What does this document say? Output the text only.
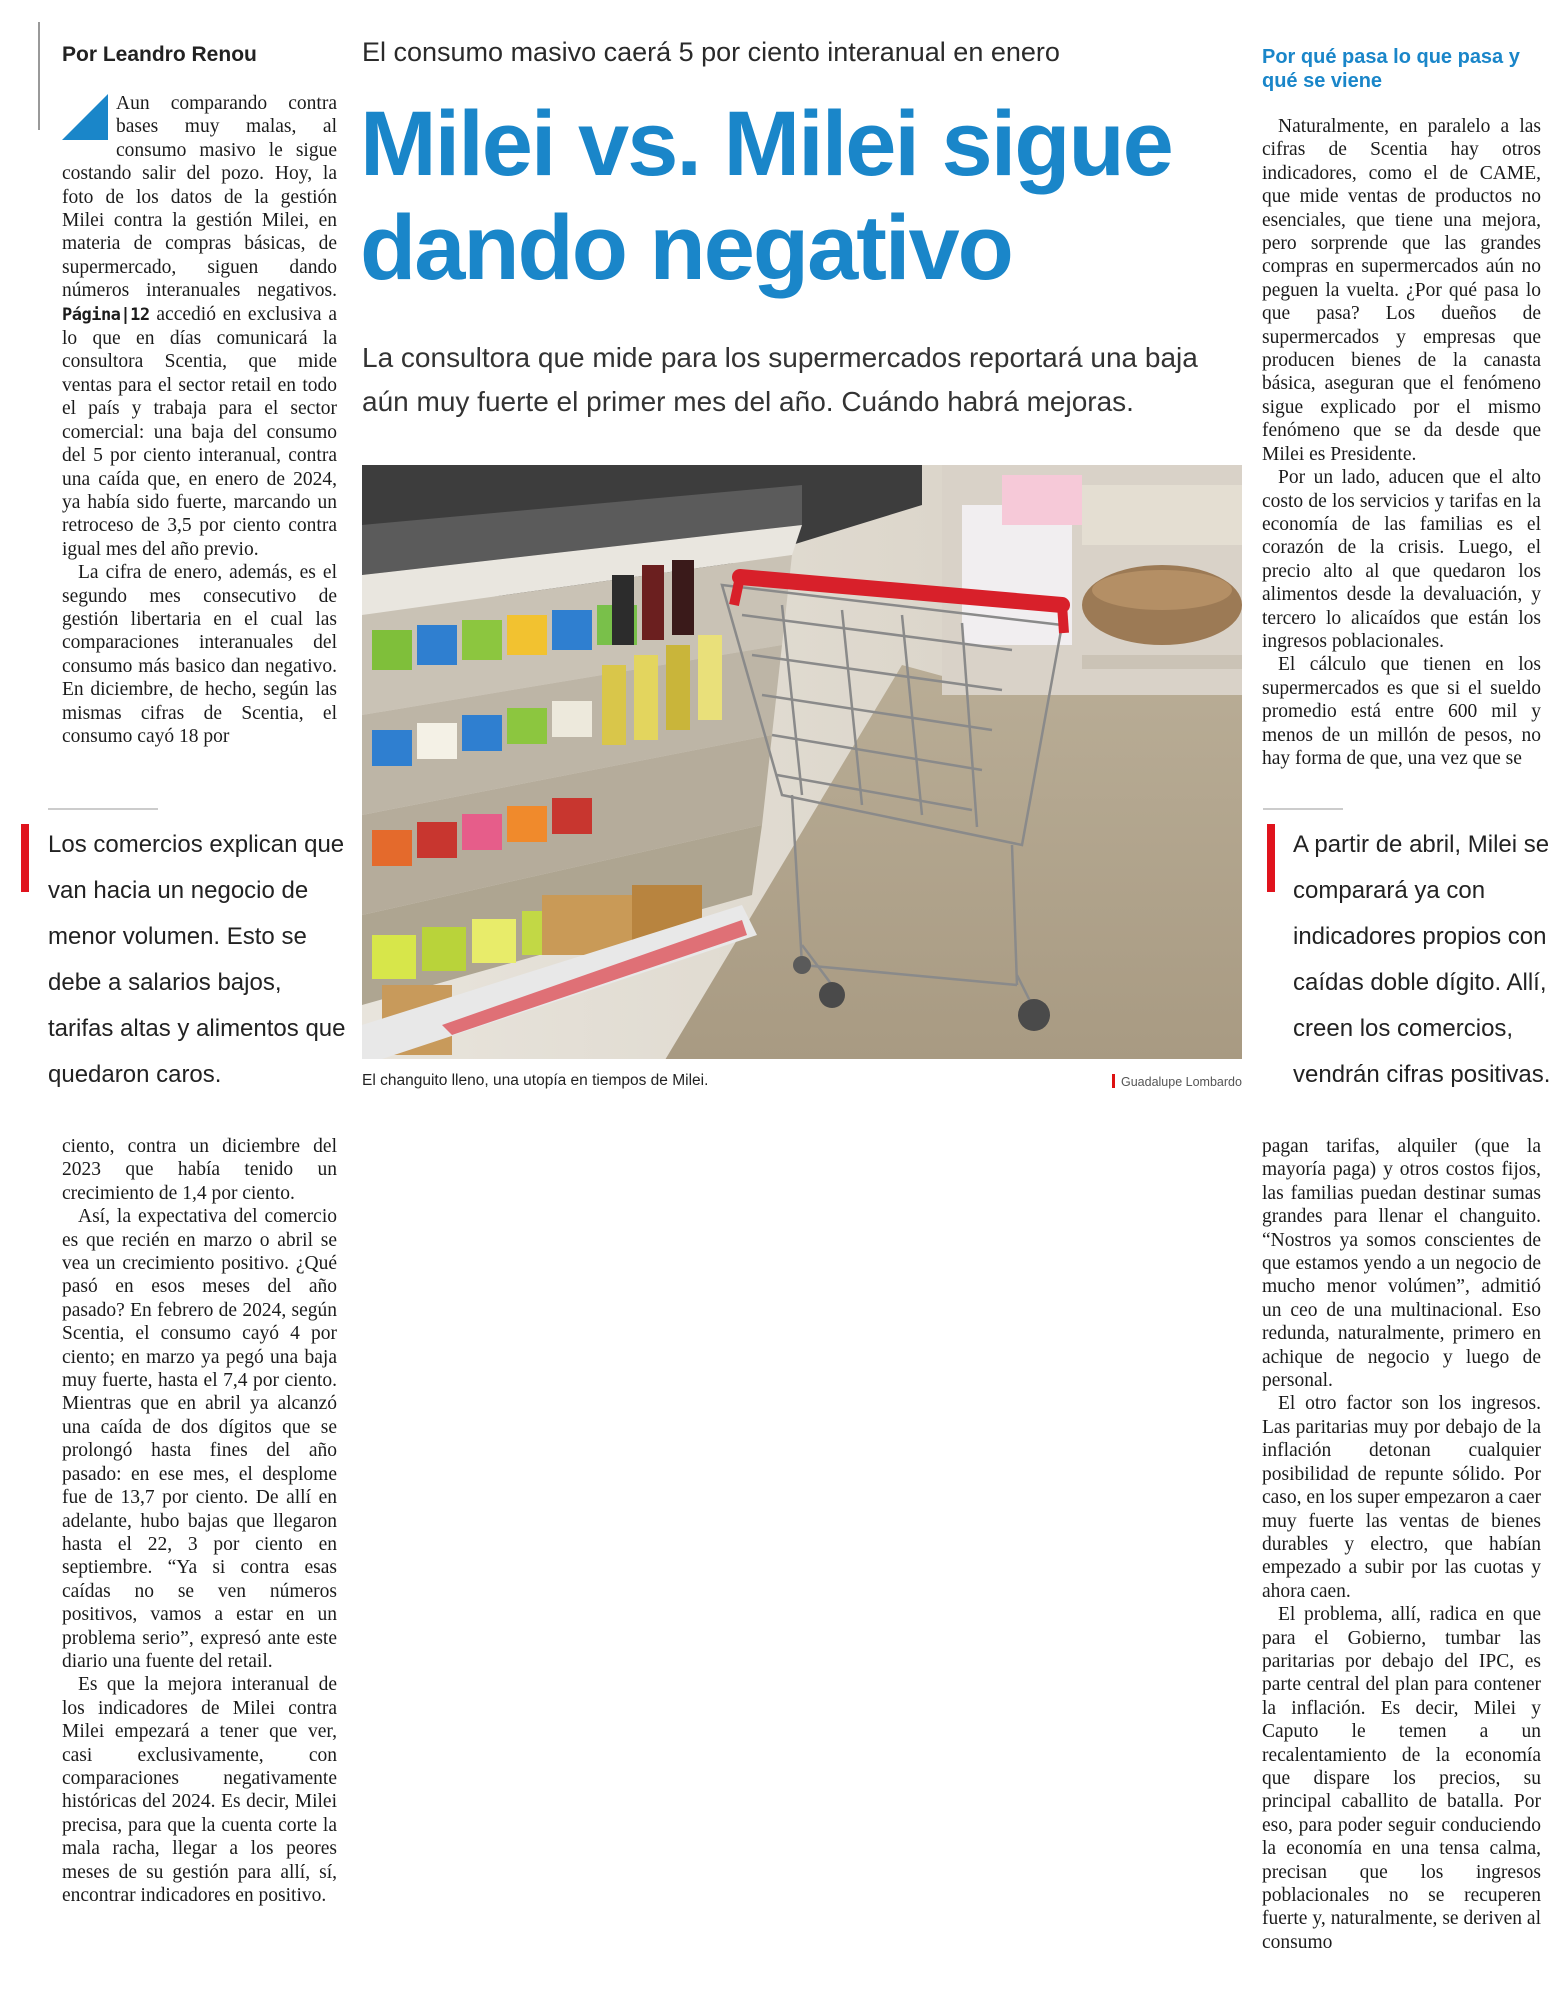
Por Leandro Renou

Aun comparando contra bases muy malas, al consumo masivo le sigue costando salir del pozo. Hoy, la foto de los datos de la gestión Milei contra la gestión Milei, en materia de compras básicas, de supermercado, siguen dando números interanuales negativos. Página|12 accedió en exclusiva a lo que en días comunicará la consultora Scentia, que mide ventas para el sector retail en todo el país y trabaja para el sector comercial: una baja del consumo del 5 por ciento interanual, contra una caída que, en enero de 2024, ya había sido fuerte, marcando un retroceso de 3,5 por ciento contra igual mes del año previo.

La cifra de enero, además, es el segundo mes consecutivo de gestión libertaria en el cual las comparaciones interanuales del consumo más basico dan negativo. En diciembre, de hecho, según las mismas cifras de Scentia, el consumo cayó 18 por

Los comercios explican que van hacia un negocio de menor volumen. Esto se debe a salarios bajos, tarifas altas y alimentos que quedaron caros.

ciento, contra un diciembre del 2023 que había tenido un crecimiento de 1,4 por ciento.

Así, la expectativa del comercio es que recién en marzo o abril se vea un crecimiento positivo. ¿Qué pasó en esos meses del año pasado? En febrero de 2024, según Scentia, el consumo cayó 4 por ciento; en marzo ya pegó una baja muy fuerte, hasta el 7,4 por ciento. Mientras que en abril ya alcanzó una caída de dos dígitos que se prolongó hasta fines del año pasado: en ese mes, el desplome fue de 13,7 por ciento. De allí en adelante, hubo bajas que llegaron hasta el 22, 3 por ciento en septiembre. “Ya si contra esas caídas no se ven números positivos, vamos a estar en un problema serio”, expresó ante este diario una fuente del retail.

Es que la mejora interanual de los indicadores de Milei contra Milei empezará a tener que ver, casi exclusivamente, con comparaciones negativamente históricas del 2024. Es decir, Milei precisa, para que la cuenta corte la mala racha, llegar a los peores meses de su gestión para allí, sí, encontrar indicadores en positivo.

El consumo masivo caerá 5 por ciento interanual en enero
Milei vs. Milei sigue dando negativo
La consultora que mide para los supermercados reportará una baja aún muy fuerte el primer mes del año. Cuándo habrá mejoras.
El changuito lleno, una utopía en tiempos de Milei.	Guadalupe Lombardo
Por qué pasa lo que pasa y qué se viene

Naturalmente, en paralelo a las cifras de Scentia hay otros indicadores, como el de CAME, que mide ventas de productos no esenciales, que tiene una mejora, pero sorprende que las grandes compras en supermercados aún no peguen la vuelta. ¿Por qué pasa lo que pasa? Los dueños de supermercados y empresas que producen bienes de la canasta básica, aseguran que el fenómeno sigue explicado por el mismo fenómeno que se da desde que Milei es Presidente.

Por un lado, aducen que el alto costo de los servicios y tarifas en la economía de las familias es el corazón de la crisis. Luego, el precio alto al que quedaron los alimentos desde la devaluación, y tercero lo alicaídos que están los ingresos poblacionales.

El cálculo que tienen en los supermercados es que si el sueldo promedio está entre 600 mil y menos de un millón de pesos, no hay forma de que, una vez que se

A partir de abril, Milei se comparará ya con indicadores propios con caídas doble dígito. Allí, creen los comercios, vendrán cifras positivas.

pagan tarifas, alquiler (que la mayoría paga) y otros costos fijos, las familias puedan destinar sumas grandes para llenar el changuito. “Nostros ya somos conscientes de que estamos yendo a un negocio de mucho menor volúmen”, admitió un ceo de una multinacional. Eso redunda, naturalmente, primero en achique de negocio y luego de personal.

El otro factor son los ingresos. Las paritarias muy por debajo de la inflación detonan cualquier posibilidad de repunte sólido. Por caso, en los super empezaron a caer muy fuerte las ventas de bienes durables y electro, que habían empezado a subir por las cuotas y ahora caen.

El problema, allí, radica en que para el Gobierno, tumbar las paritarias por debajo del IPC, es parte central del plan para contener la inflación. Es decir, Milei y Caputo le temen a un recalentamiento de la economía que dispare los precios, su principal caballito de batalla. Por eso, para poder seguir conduciendo la economía en una tensa calma, precisan que los ingresos poblacionales no se recuperen fuerte y, naturalmente, se deriven al consumo
